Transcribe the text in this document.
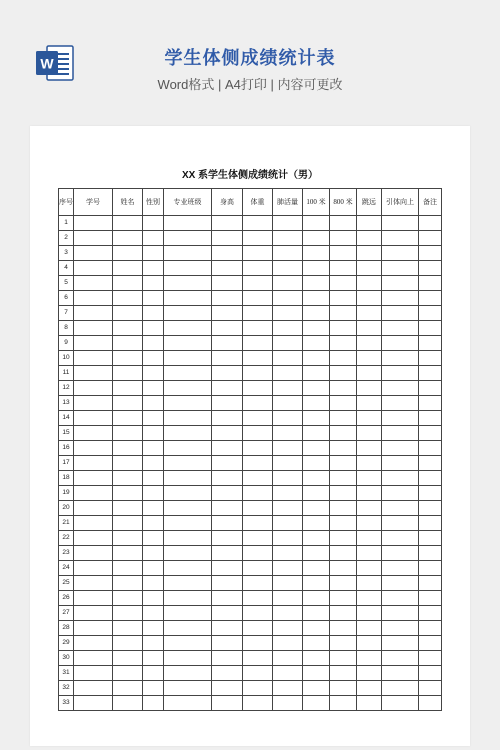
W	学生体侧成绩统计表
Word格式 | A4打印 | 内容可更改
XX 系学生体侧成绩统计（男）
序号	学号	姓名	性别	专业班级	身高	体重	肺活量	100 米	800 米	跳远	引体向上	备注
1												
2												
3												
4												
5												
6												
7												
8												
9												
10												
11												
12												
13												
14												
15												
16												
17												
18												
19												
20												
21												
22												
23												
24												
25												
26												
27												
28												
29												
30												
31												
32												
33												
